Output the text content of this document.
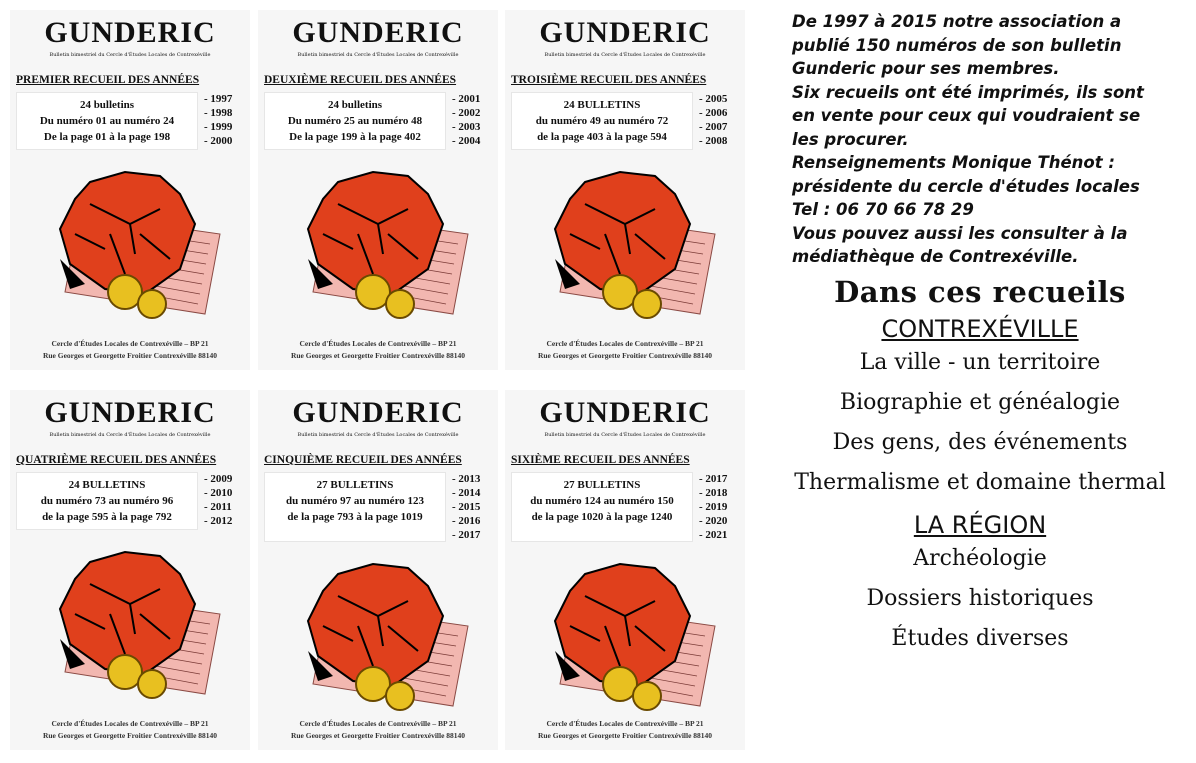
GUNDERIC
Bulletin bimestriel du Cercle d'Études Locales de Contrexéville
PREMIER RECUEIL DES ANNÉES
24 bulletins
Du numéro 01 au numéro 24
De la page 01 à la page 198
- 1997
- 1998
- 1999
- 2000
Cercle d'Études Locales de Contrexéville – BP 21
Rue Georges et Georgette Froitier Contrexéville 88140
GUNDERIC
Bulletin bimestriel du Cercle d'Études Locales de Contrexéville
DEUXIÈME RECUEIL DES ANNÉES
24 bulletins
Du numéro 25 au numéro 48
De la page 199 à la page 402
- 2001
- 2002
- 2003
- 2004
Cercle d'Études Locales de Contrexéville – BP 21
Rue Georges et Georgette Froitier Contrexéville 88140
GUNDERIC
Bulletin bimestriel du Cercle d'Études Locales de Contrexéville
TROISIÈME RECUEIL DES ANNÉES
24 BULLETINS
du numéro 49 au numéro 72
de la page 403 à la page 594
- 2005
- 2006
- 2007
- 2008
Cercle d'Études Locales de Contrexéville – BP 21
Rue Georges et Georgette Froitier Contrexéville 88140
GUNDERIC
Bulletin bimestriel du Cercle d'Études Locales de Contrexéville
QUATRIÈME RECUEIL DES ANNÉES
24 BULLETINS
du numéro 73 au numéro 96
de la page 595 à la page 792
- 2009
- 2010
- 2011
- 2012
Cercle d'Études Locales de Contrexéville – BP 21
Rue Georges et Georgette Froitier Contrexéville 88140
GUNDERIC
Bulletin bimestriel du Cercle d'Études Locales de Contrexéville
CINQUIÈME RECUEIL DES ANNÉES
27 BULLETINS
du numéro 97 au numéro 123
de la page 793 à la page 1019
- 2013
- 2014
- 2015
- 2016
- 2017
Cercle d'Études Locales de Contrexéville – BP 21
Rue Georges et Georgette Froitier Contrexéville 88140
GUNDERIC
Bulletin bimestriel du Cercle d'Études Locales de Contrexéville
SIXIÈME RECUEIL DES ANNÉES
27 BULLETINS
du numéro 124 au numéro 150
de la page 1020 à la page 1240
- 2017
- 2018
- 2019
- 2020
- 2021
Cercle d'Études Locales de Contrexéville – BP 21
Rue Georges et Georgette Froitier Contrexéville 88140
De 1997 à 2015 notre association a
publié 150 numéros de son bulletin
Gunderic pour ses membres.
Six recueils ont été imprimés, ils sont
en vente pour ceux qui voudraient se
les procurer.
Renseignements Monique Thénot :
présidente du cercle d'études locales
Tel : 06 70 66 78 29
Vous pouvez aussi les consulter à la
médiathèque de Contrexéville.
Dans ces recueils
CONTREXÉVILLE
La ville - un territoire
Biographie et généalogie
Des gens, des événements
Thermalisme et domaine thermal
LA RÉGION
Archéologie
Dossiers historiques
Études diverses
